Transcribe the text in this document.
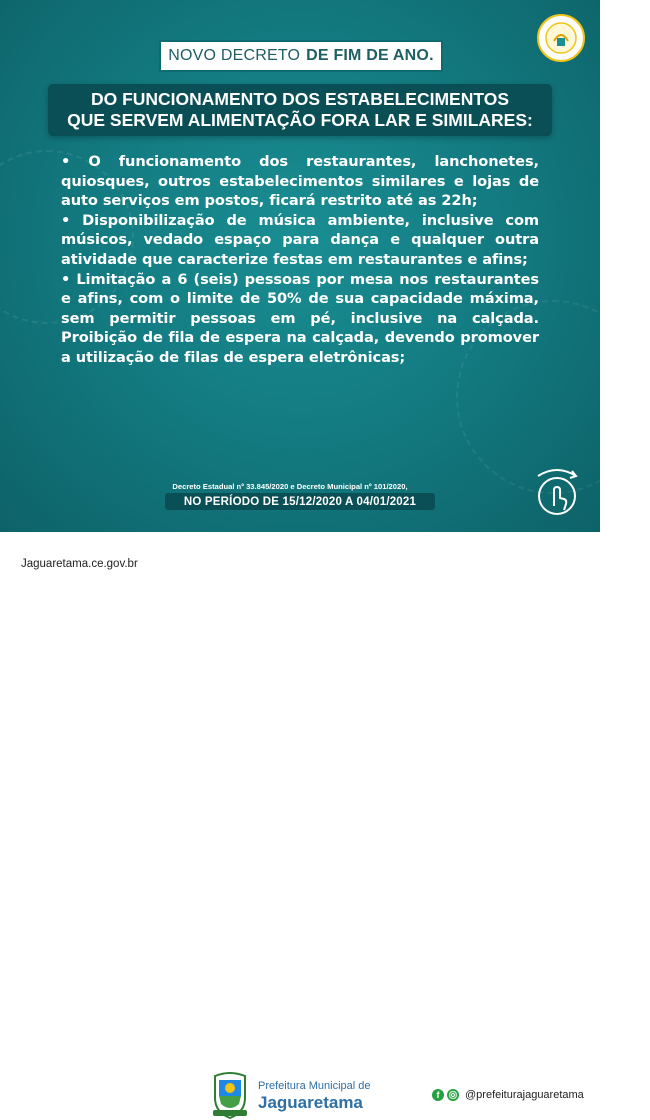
NOVO DECRETO DE FIM DE ANO.
DO FUNCIONAMENTO DOS ESTABELECIMENTOS
QUE SERVEM ALIMENTAÇÃO FORA LAR E SIMILARES:

• O funcionamento dos restaurantes, lanchonetes, quiosques, outros estabelecimentos similares e lojas de auto serviços em postos, ficará restrito até as 22h;

• Disponibilização de música ambiente, inclusive com músicos, vedado espaço para dança e qualquer outra atividade que caracterize festas em restaurantes e afins;

• Limitação a 6 (seis) pessoas por mesa nos restaurantes e afins, com o limite de 50% de sua capacidade máxima, sem permitir pessoas em pé, inclusive na calçada. Proibição de fila de espera na calçada, devendo promover a utilização de filas de espera eletrônicas;

Decreto Estadual nº 33.845/2020 e Decreto Municipal nº 101/2020,
NO PERÍODO DE 15/12/2020 A 04/01/2021
Jaguaretama.ce.gov.br
Prefeitura Municipal de
Jaguaretama	f	@prefeiturajaguaretama
